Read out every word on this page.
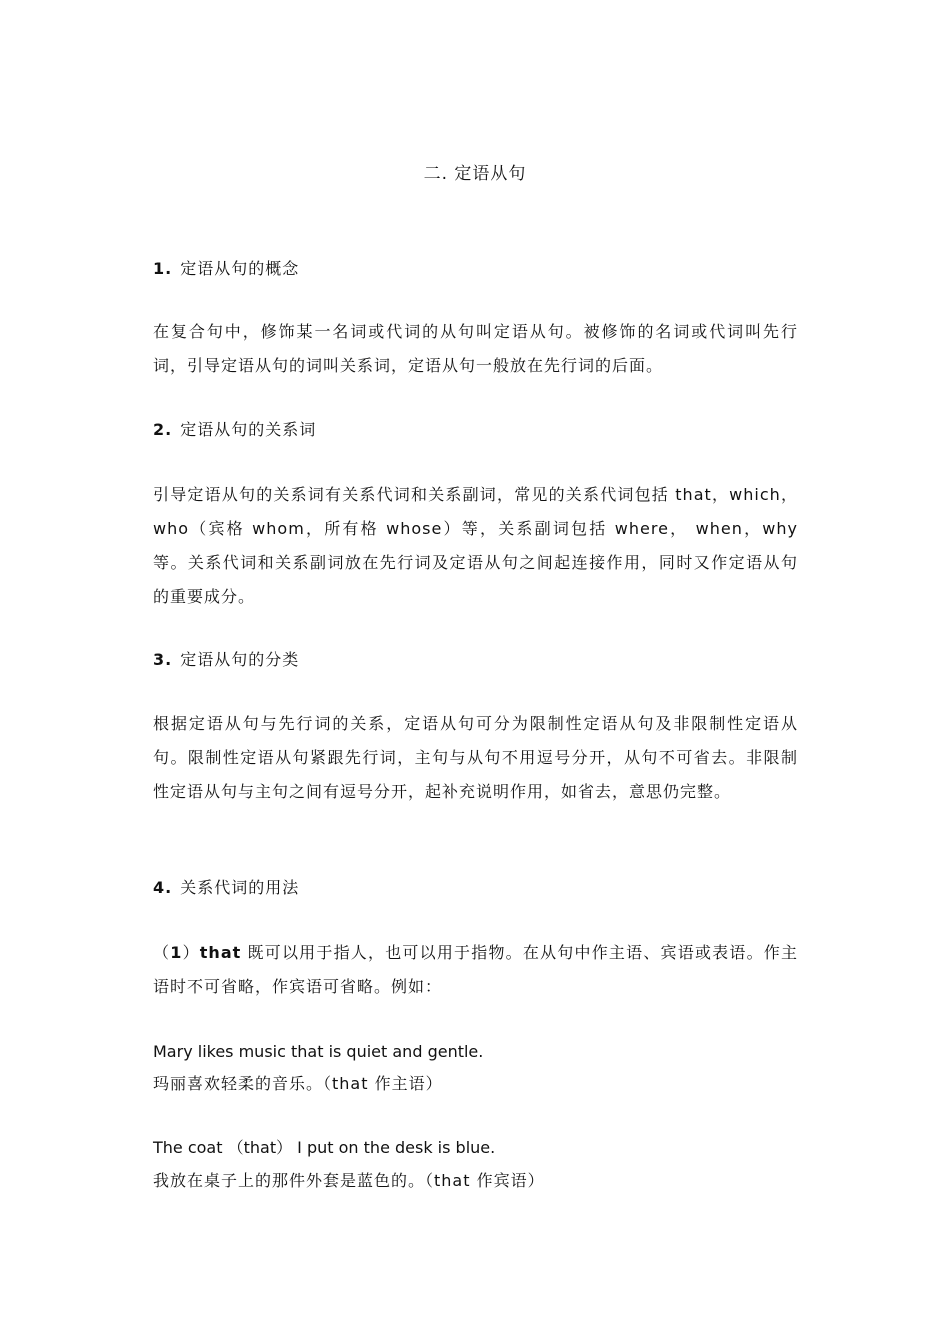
二. 定语从句
1. 定语从句的概念
在复合句中，修饰某一名词或代词的从句叫定语从句。被修饰的名词或代词叫先行词，引导定语从句的词叫关系词，定语从句一般放在先行词的后面。
2. 定语从句的关系词
引导定语从句的关系词有关系代词和关系副词，常见的关系代词包括 that，which， who（宾格 whom，所有格 whose）等，关系副词包括 where， when，why 等。关系代词和关系副词放在先行词及定语从句之间起连接作用，同时又作定语从句的重要成分。
3. 定语从句的分类
根据定语从句与先行词的关系，定语从句可分为限制性定语从句及非限制性定语从句。限制性定语从句紧跟先行词，主句与从句不用逗号分开，从句不可省去。非限制性定语从句与主句之间有逗号分开，起补充说明作用，如省去，意思仍完整。
4. 关系代词的用法
（1）that 既可以用于指人，也可以用于指物。在从句中作主语、宾语或表语。作主语时不可省略，作宾语可省略。例如：
Mary likes music that is quiet and gentle.
玛丽喜欢轻柔的音乐。（that 作主语）
The coat （that） I put on the desk is blue.
我放在桌子上的那件外套是蓝色的。（that 作宾语）
